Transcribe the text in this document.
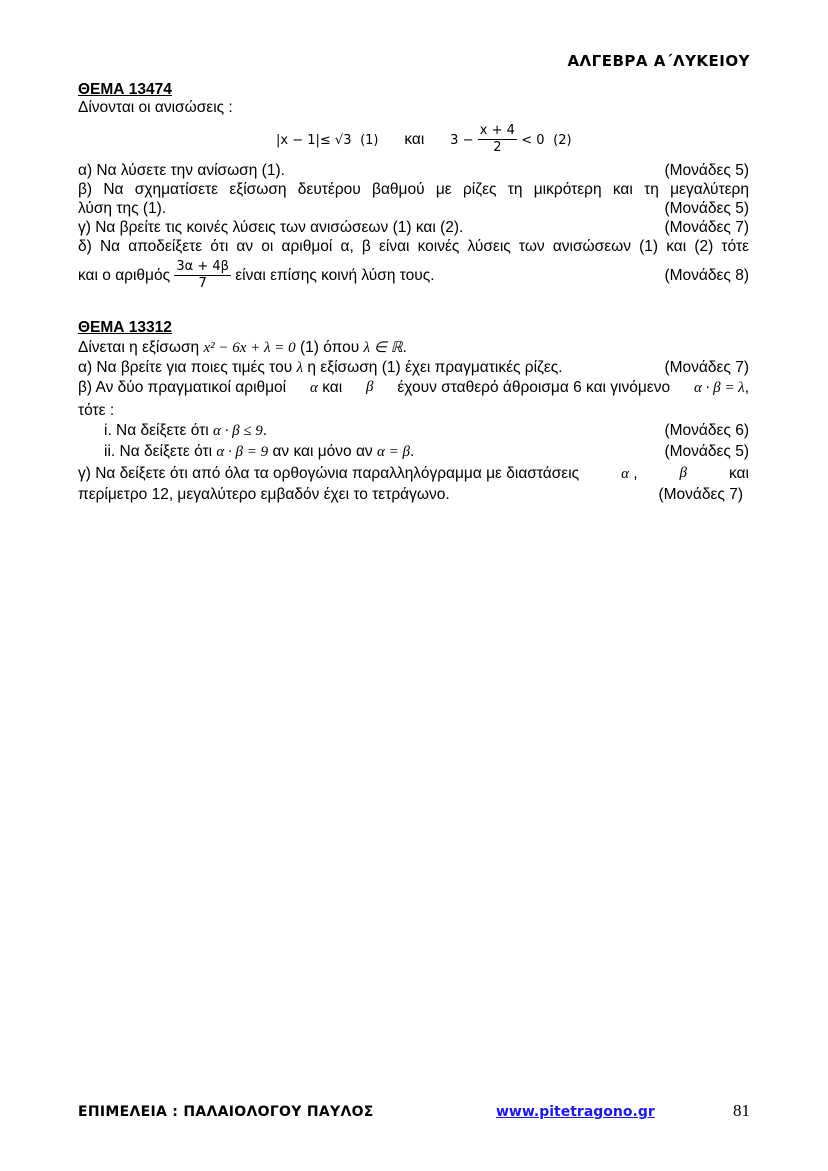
ΑΛΓΕΒΡΑ Α΄ΛΥΚΕΙΟΥ
ΘΕΜΑ 13474
Δίνονται οι ανισώσεις :
|x − 1|≤ √3 (1) και $3 - \frac{x + 4}{2} < 0$ (2)
α) Να λύσετε την ανίσωση (1).	(Μονάδες 5)
β) Να σχηματίσετε εξίσωση δευτέρου βαθμού με ρίζες τη μικρότερη και τη μεγαλύτερη
λύση της (1).	(Μονάδες 5)
γ) Να βρείτε τις κοινές λύσεις των ανισώσεων (1) και (2).	(Μονάδες 7)
δ) Να αποδείξετε ότι αν οι αριθμοί α, β είναι κοινές λύσεις των ανισώσεων (1) και (2) τότε
και ο αριθμός $\frac{3\alpha + 4\beta}{7}$ είναι επίσης κοινή λύση τους.	(Μονάδες 8)
ΘΕΜΑ 13312
Δίνεται η εξίσωση x² − 6x + λ = 0 (1) όπου λ ∈ ℝ.
α) Να βρείτε για ποιες τιμές του λ η εξίσωση (1) έχει πραγματικές ρίζες.	(Μονάδες 7)
β) Αν δύο πραγματικοί αριθμοί α και β έχουν σταθερό άθροισμα 6 και γινόμενο α · β = λ,
τότε :
i. Να δείξετε ότι α · β ≤ 9.	(Μονάδες 6)
ii. Να δείξετε ότι α · β = 9 αν και μόνο αν α = β.	(Μονάδες 5)
γ) Να δείξετε ότι από όλα τα ορθογώνια παραλληλόγραμμα με διαστάσεις	α ,	β	και
περίμετρο 12, μεγαλύτερο εμβαδόν έχει το τετράγωνο.	(Μονάδες 7)
ΕΠΙΜΕΛΕΙΑ : ΠΑΛΑΙΟΛΟΓΟΥ ΠΑΥΛΟΣ	www.pitetragono.gr	81
